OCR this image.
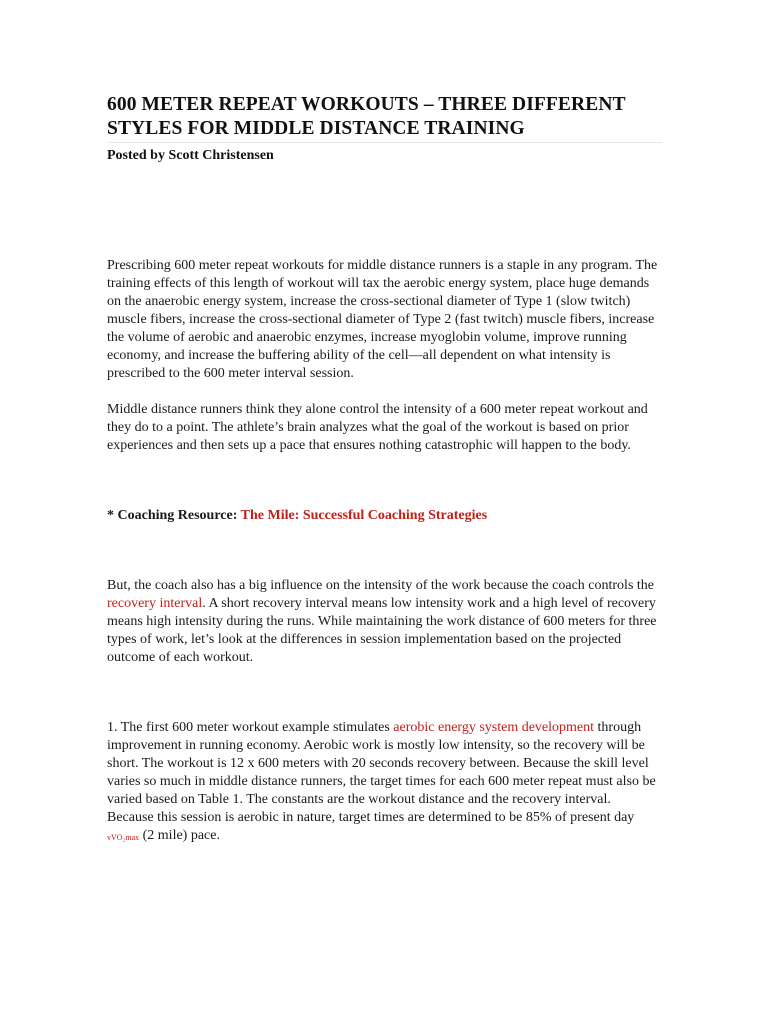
600 METER REPEAT WORKOUTS – THREE DIFFERENT STYLES FOR MIDDLE DISTANCE TRAINING

Posted by Scott Christensen

Prescribing 600 meter repeat workouts for middle distance runners is a staple in any program. The training effects of this length of workout will tax the aerobic energy system, place huge demands on the anaerobic energy system, increase the cross-sectional diameter of Type 1 (slow twitch) muscle fibers, increase the cross-sectional diameter of Type 2 (fast twitch) muscle fibers, increase the volume of aerobic and anaerobic enzymes, increase myoglobin volume, improve running economy, and increase the buffering ability of the cell—all dependent on what intensity is prescribed to the 600 meter interval session.

Middle distance runners think they alone control the intensity of a 600 meter repeat workout and they do to a point. The athlete’s brain analyzes what the goal of the workout is based on prior experiences and then sets up a pace that ensures nothing catastrophic will happen to the body.

* Coaching Resource: The Mile: Successful Coaching Strategies

But, the coach also has a big influence on the intensity of the work because the coach controls the recovery interval. A short recovery interval means low intensity work and a high level of recovery means high intensity during the runs. While maintaining the work distance of 600 meters for three types of work, let’s look at the differences in session implementation based on the projected outcome of each workout.

1. The first 600 meter workout example stimulates aerobic energy system development through improvement in running economy. Aerobic work is mostly low intensity, so the recovery will be short. The workout is 12 x 600 meters with 20 seconds recovery between. Because the skill level varies so much in middle distance runners, the target times for each 600 meter repeat must also be varied based on Table 1. The constants are the workout distance and the recovery interval. Because this session is aerobic in nature, target times are determined to be 85% of present day vVO₂max (2 mile) pace.
